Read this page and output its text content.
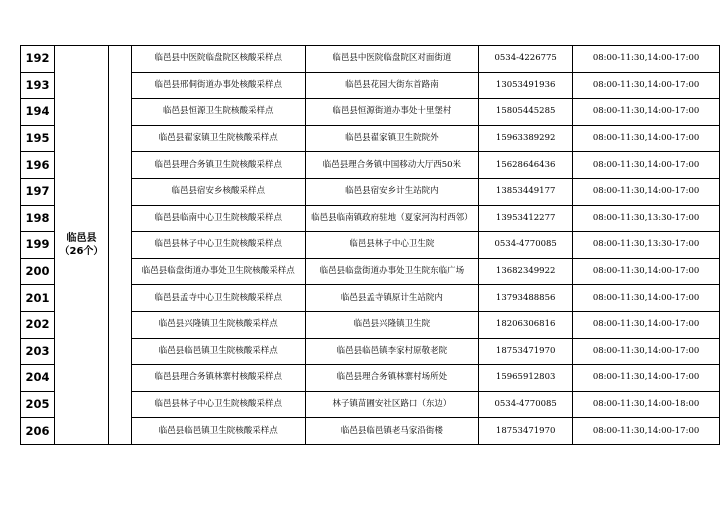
192	临邑县（26个）		临邑县中医院临盘院区核酸采样点	临邑县中医院临盘院区对面街道	0534-4226775	08:00-11:30,14:00-17:00
193			临邑县邢侗街道办事处核酸采样点	临邑县花园大街东首路南	13053491936	08:00-11:30,14:00-17:00
194			临邑县恒源卫生院核酸采样点	临邑县恒源街道办事处十里堡村	15805445285	08:00-11:30,14:00-17:00
195			临邑县翟家镇卫生院核酸采样点	临邑县翟家镇卫生院院外	15963389292	08:00-11:30,14:00-17:00
196			临邑县理合务镇卫生院核酸采样点	临邑县理合务镇中国移动大厅西50米	15628646436	08:00-11:30,14:00-17:00
197			临邑县宿安乡核酸采样点	临邑县宿安乡计生站院内	13853449177	08:00-11:30,14:00-17:00
198			临邑县临南中心卫生院核酸采样点	临邑县临南镇政府驻地（夏家河沟村西邻）	13953412277	08:00-11:30,13:30-17:00
199			临邑县林子中心卫生院核酸采样点	临邑县林子中心卫生院	0534-4770085	08:00-11:30,13:30-17:00
200			临邑县临盘街道办事处卫生院核酸采样点	临邑县临盘街道办事处卫生院东临广场	13682349922	08:00-11:30,14:00-17:00
201			临邑县孟寺中心卫生院核酸采样点	临邑县孟寺镇原计生站院内	13793488856	08:00-11:30,14:00-17:00
202			临邑县兴隆镇卫生院核酸采样点	临邑县兴隆镇卫生院	18206306816	08:00-11:30,14:00-17:00
203			临邑县临邑镇卫生院核酸采样点	临邑县临邑镇李家村原敬老院	18753471970	08:00-11:30,14:00-17:00
204			临邑县理合务镇林寨村核酸采样点	临邑县理合务镇林寨村场所处	15965912803	08:00-11:30,14:00-17:00
205			临邑县林子中心卫生院核酸采样点	林子镇苗圃安社区路口（东边）	0534-4770085	08:00-11:30,14:00-18:00
206			临邑县临邑镇卫生院核酸采样点	临邑县临邑镇老马家沿街楼	18753471970	08:00-11:30,14:00-17:00
